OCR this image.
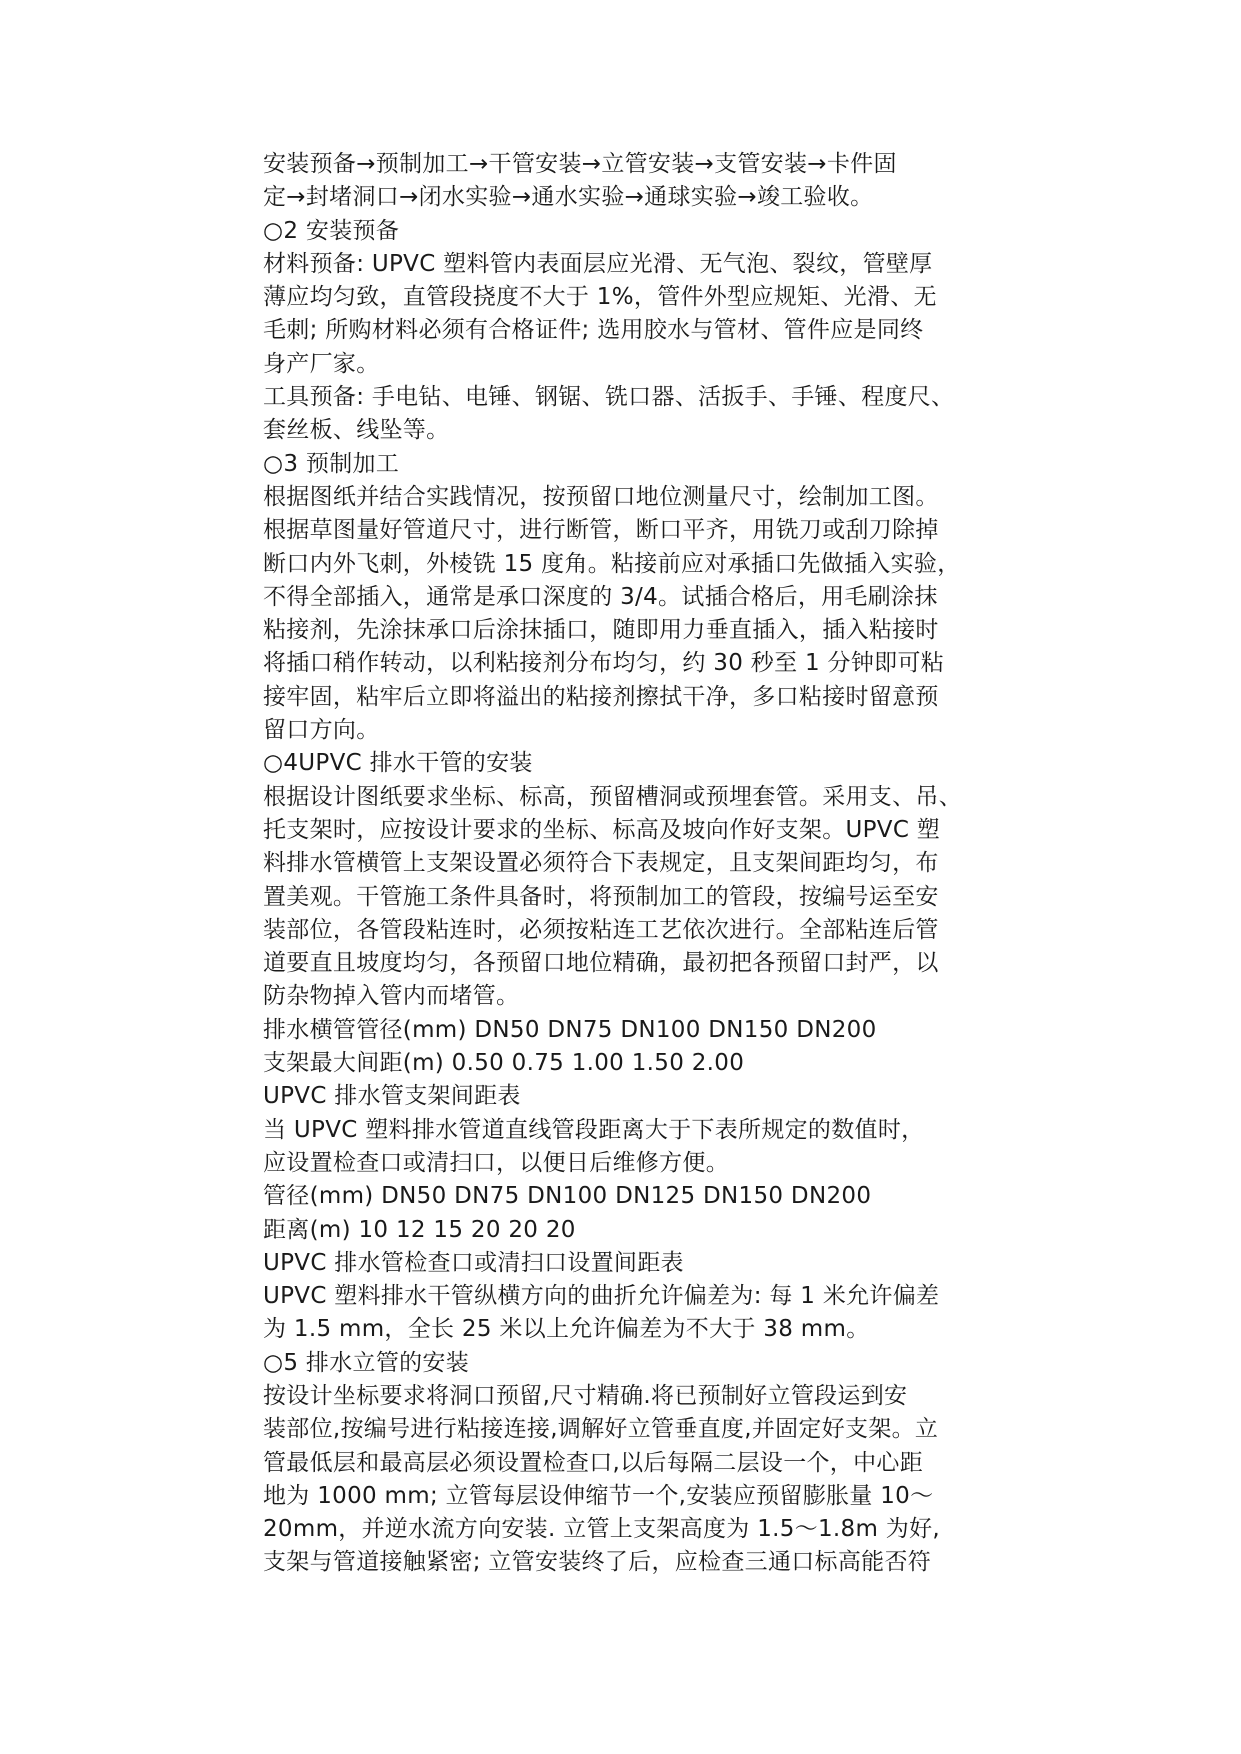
安装预备→预制加工→干管安装→立管安装→支管安装→卡件固
定→封堵洞口→闭水实验→通水实验→通球实验→竣工验收。
○2 安装预备
材料预备: UPVC 塑料管内表面层应光滑、无气泡、裂纹，管壁厚
薄应均匀致，直管段挠度不大于 1%，管件外型应规矩、光滑、无
毛刺; 所购材料必须有合格证件; 选用胶水与管材、管件应是同终
身产厂家。
工具预备: 手电钻、电锤、钢锯、铣口器、活扳手、手锤、程度尺、
套丝板、线坠等。
○3 预制加工
根据图纸并结合实践情况，按预留口地位测量尺寸，绘制加工图。
根据草图量好管道尺寸，进行断管，断口平齐，用铣刀或刮刀除掉
断口内外飞刺，外棱铣 15 度角。粘接前应对承插口先做插入实验，
不得全部插入，通常是承口深度的 3/4。试插合格后，用毛刷涂抹
粘接剂，先涂抹承口后涂抹插口，随即用力垂直插入，插入粘接时
将插口稍作转动，以利粘接剂分布均匀，约 30 秒至 1 分钟即可粘
接牢固，粘牢后立即将溢出的粘接剂擦拭干净，多口粘接时留意预
留口方向。
○4UPVC 排水干管的安装
根据设计图纸要求坐标、标高，预留槽洞或预埋套管。采用支、吊、
托支架时，应按设计要求的坐标、标高及坡向作好支架。UPVC 塑
料排水管横管上支架设置必须符合下表规定，且支架间距均匀，布
置美观。干管施工条件具备时，将预制加工的管段，按编号运至安
装部位，各管段粘连时，必须按粘连工艺依次进行。全部粘连后管
道要直且坡度均匀，各预留口地位精确，最初把各预留口封严，以
防杂物掉入管内而堵管。
排水横管管径(mm) DN50 DN75 DN100 DN150 DN200
支架最大间距(m) 0.50 0.75 1.00 1.50 2.00
UPVC 排水管支架间距表
当 UPVC 塑料排水管道直线管段距离大于下表所规定的数值时，
应设置检查口或清扫口，以便日后维修方便。
管径(mm) DN50 DN75 DN100 DN125 DN150 DN200
距离(m) 10 12 15 20 20 20
UPVC 排水管检查口或清扫口设置间距表
UPVC 塑料排水干管纵横方向的曲折允许偏差为: 每 1 米允许偏差
为 1.5 mm，全长 25 米以上允许偏差为不大于 38 mm。
○5 排水立管的安装
按设计坐标要求将洞口预留,尺寸精确.将已预制好立管段运到安
装部位,按编号进行粘接连接,调解好立管垂直度,并固定好支架。立
管最低层和最高层必须设置检查口,以后每隔二层设一个，中心距
地为 1000 mm; 立管每层设伸缩节一个,安装应预留膨胀量 10～
20mm，并逆水流方向安装. 立管上支架高度为 1.5～1.8m 为好,
支架与管道接触紧密; 立管安装终了后，应检查三通口标高能否符
